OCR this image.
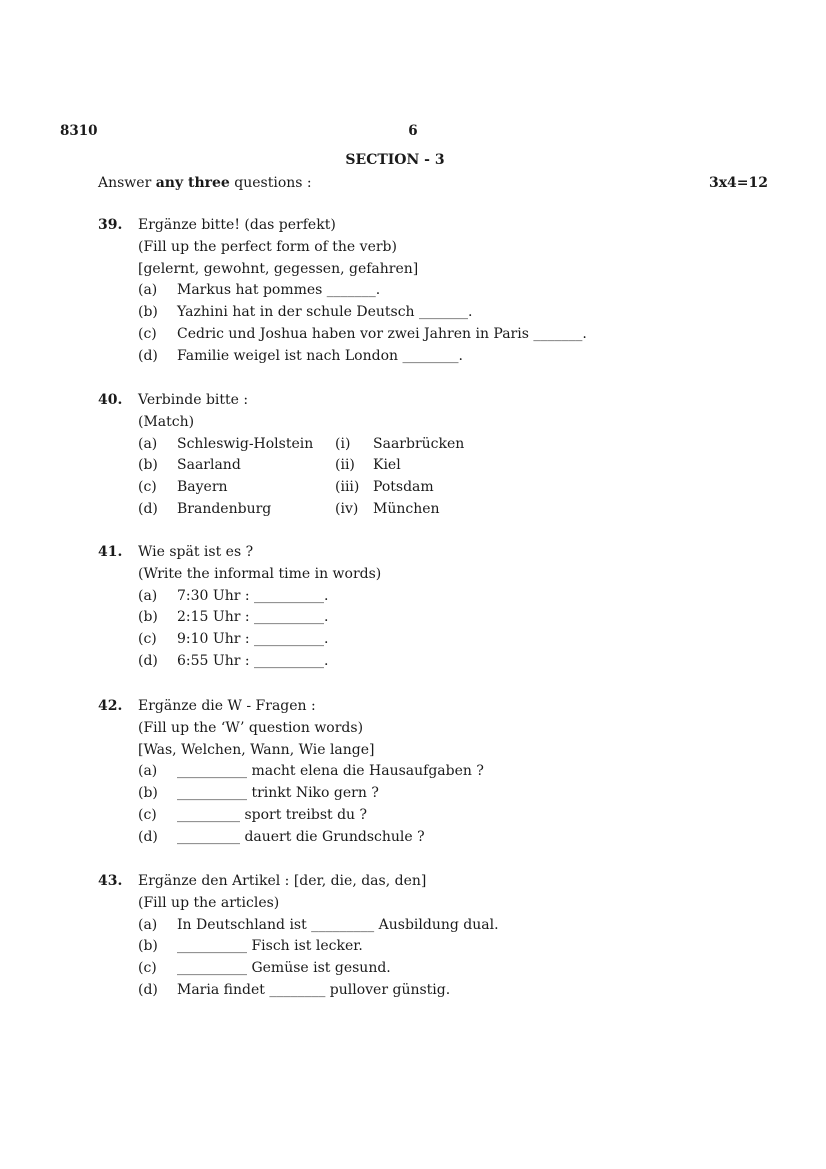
8310	6
SECTION - 3
Answer any three questions :	3x4=12
39. Ergänze bitte! (das perfekt)
(Fill up the perfect form of the verb)
[gelernt, gewohnt, gegessen, gefahren]
(a) Markus hat pommes _______.
(b) Yazhini hat in der schule Deutsch _______.
(c) Cedric und Joshua haben vor zwei Jahren in Paris _______.
(d) Familie weigel ist nach London ________.
40. Verbinde bitte :
(Match)
(a) Schleswig-Holstein (i) Saarbrücken
(b) Saarland	(ii) Kiel
(c) Bayern	(iii) Potsdam
(d) Brandenburg	(iv) München
41. Wie spät ist es ?
(Write the informal time in words)
(a) 7:30 Uhr : __________.
(b) 2:15 Uhr : __________.
(c) 9:10 Uhr : __________.
(d) 6:55 Uhr : __________.
42. Ergänze die W - Fragen :
(Fill up the ‘W’ question words)
[Was, Welchen, Wann, Wie lange]
(a) __________ macht elena die Hausaufgaben ?
(b) __________ trinkt Niko gern ?
(c) _________ sport treibst du ?
(d) _________ dauert die Grundschule ?
43. Ergänze den Artikel : [der, die, das, den]
(Fill up the articles)
(a) In Deutschland ist _________ Ausbildung dual.
(b) __________ Fisch ist lecker.
(c) __________ Gemüse ist gesund.
(d) Maria findet ________ pullover günstig.
